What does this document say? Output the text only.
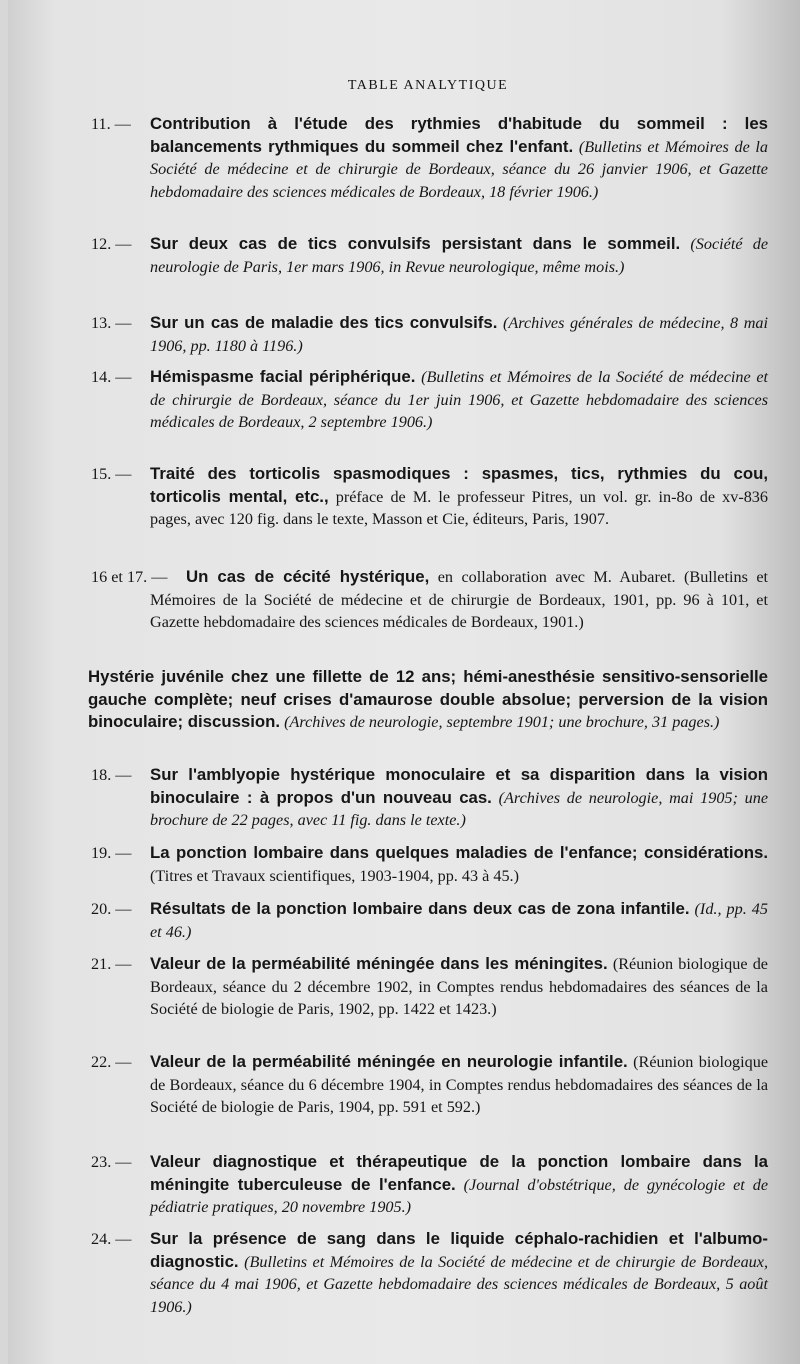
TABLE ANALYTIQUE
11. — Contribution à l'étude des rythmies d'habitude du sommeil : les balancements rythmiques du sommeil chez l'enfant. (Bulletins et Mémoires de la Société de médecine et de chirurgie de Bordeaux, séance du 26 janvier 1906, et Gazette hebdomadaire des sciences médicales de Bordeaux, 18 février 1906.)
12. — Sur deux cas de tics convulsifs persistant dans le sommeil. (Société de neurologie de Paris, 1er mars 1906, in Revue neurologique, même mois.)
13. — Sur un cas de maladie des tics convulsifs. (Archives générales de médecine, 8 mai 1906, pp. 1180 à 1196.)
14. — Hémispasme facial périphérique. (Bulletins et Mémoires de la Société de médecine et de chirurgie de Bordeaux, séance du 1er juin 1906, et Gazette hebdomadaire des sciences médicales de Bordeaux, 2 septembre 1906.)
15. — Traité des torticolis spasmodiques : spasmes, tics, rythmies du cou, torticolis mental, etc., préface de M. le professeur Pitres, un vol. gr. in-8o de xv-836 pages, avec 120 fig. dans le texte, Masson et Cie, éditeurs, Paris, 1907.
16 et 17. — Un cas de cécité hystérique, en collaboration avec M. Aubaret. (Bulletins et Mémoires de la Société de médecine et de chirurgie de Bordeaux, 1901, pp. 96 à 101, et Gazette hebdomadaire des sciences médicales de Bordeaux, 1901.)
Hystérie juvénile chez une fillette de 12 ans; hémi-anesthésie sensitivo-sensorielle gauche complète; neuf crises d'amaurose double absolue; perversion de la vision binoculaire; discussion. (Archives de neurologie, septembre 1901; une brochure, 31 pages.)
18. — Sur l'amblyopie hystérique monoculaire et sa disparition dans la vision binoculaire : à propos d'un nouveau cas. (Archives de neurologie, mai 1905; une brochure de 22 pages, avec 11 fig. dans le texte.)
19. — La ponction lombaire dans quelques maladies de l'enfance; considérations. (Titres et Travaux scientifiques, 1903-1904, pp. 43 à 45.)
20. — Résultats de la ponction lombaire dans deux cas de zona infantile. (Id., pp. 45 et 46.)
21. — Valeur de la perméabilité méningée dans les méningites. (Réunion biologique de Bordeaux, séance du 2 décembre 1902, in Comptes rendus hebdomadaires des séances de la Société de biologie de Paris, 1902, pp. 1422 et 1423.)
22. — Valeur de la perméabilité méningée en neurologie infantile. (Réunion biologique de Bordeaux, séance du 6 décembre 1904, in Comptes rendus hebdomadaires des séances de la Société de biologie de Paris, 1904, pp. 591 et 592.)
23. — Valeur diagnostique et thérapeutique de la ponction lombaire dans la méningite tuberculeuse de l'enfance. (Journal d'obstétrique, de gynécologie et de pédiatrie pratiques, 20 novembre 1905.)
24. — Sur la présence de sang dans le liquide céphalo-rachidien et l'albumo-diagnostic. (Bulletins et Mémoires de la Société de médecine et de chirurgie de Bordeaux, séance du 4 mai 1906, et Gazette hebdomadaire des sciences médicales de Bordeaux, 5 août 1906.)
